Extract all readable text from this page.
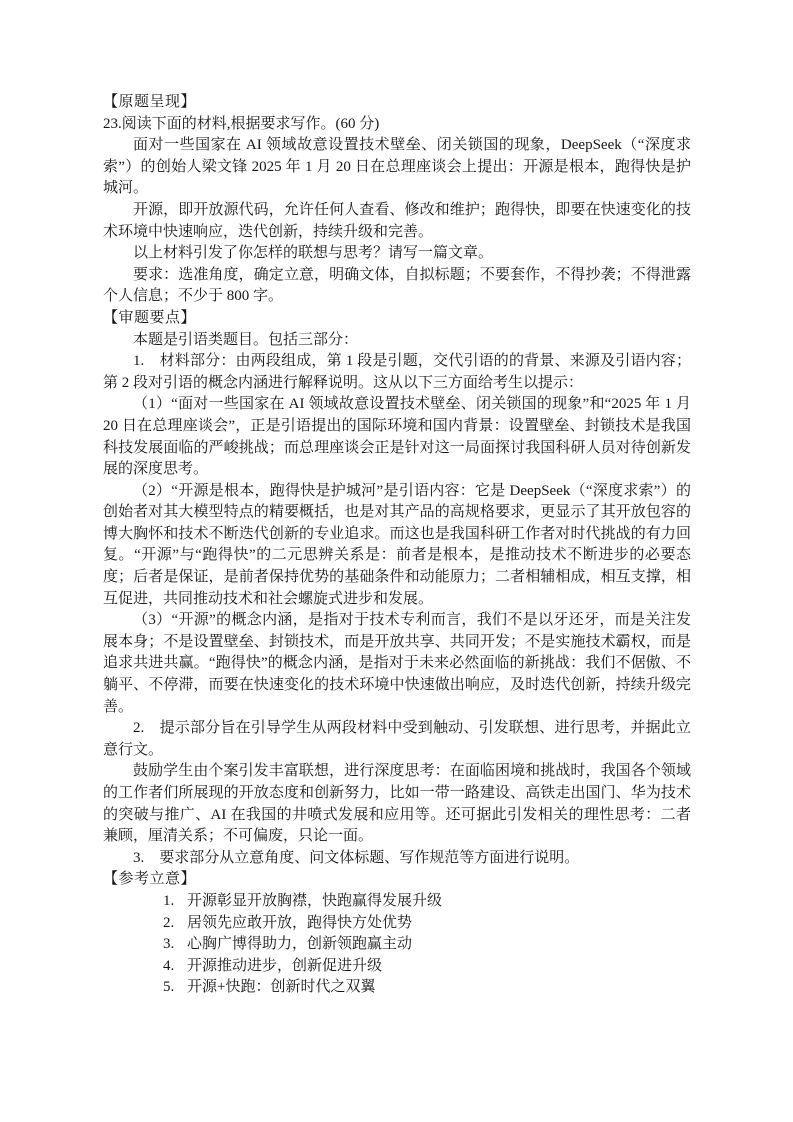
【原题呈现】

23.阅读下面的材料,根据要求写作。(60 分)

面对一些国家在 AI 领域故意设置技术壁垒、闭关锁国的现象，DeepSeek（“深度求索”）的创始人梁文锋 2025 年 1 月 20 日在总理座谈会上提出：开源是根本，跑得快是护城河。

开源，即开放源代码，允许任何人查看、修改和维护；跑得快，即要在快速变化的技术环境中快速响应，迭代创新，持续升级和完善。

以上材料引发了你怎样的联想与思考？请写一篇文章。

要求：选准角度，确定立意，明确文体，自拟标题；不要套作，不得抄袭；不得泄露个人信息；不少于 800 字。

【审题要点】

本题是引语类题目。包括三部分：

1.　材料部分：由两段组成，第 1 段是引题，交代引语的的背景、来源及引语内容；第 2 段对引语的概念内涵进行解释说明。这从以下三方面给考生以提示：

（1）“面对一些国家在 AI 领域故意设置技术壁垒、闭关锁国的现象”和“2025 年 1 月 20 日在总理座谈会”，正是引语提出的国际环境和国内背景：设置壁垒、封锁技术是我国科技发展面临的严峻挑战；而总理座谈会正是针对这一局面探讨我国科研人员对待创新发展的深度思考。

（2）“开源是根本，跑得快是护城河”是引语内容：它是 DeepSeek（“深度求索”）的创始者对其大模型特点的精要概括，也是对其产品的高规格要求，更显示了其开放包容的博大胸怀和技术不断迭代创新的专业追求。而这也是我国科研工作者对时代挑战的有力回复。“开源”与“跑得快”的二元思辨关系是：前者是根本，是推动技术不断进步的必要态度；后者是保证，是前者保持优势的基础条件和动能原力；二者相辅相成，相互支撑，相互促进，共同推动技术和社会螺旋式进步和发展。

（3）“开源”的概念内涵，是指对于技术专利而言，我们不是以牙还牙，而是关注发展本身；不是设置壁垒、封锁技术，而是开放共享、共同开发；不是实施技术霸权，而是追求共进共赢。“跑得快”的概念内涵，是指对于未来必然面临的新挑战：我们不倨傲、不躺平、不停滞，而要在快速变化的技术环境中快速做出响应，及时迭代创新，持续升级完善。

2.　提示部分旨在引导学生从两段材料中受到触动、引发联想、进行思考，并据此立意行文。

鼓励学生由个案引发丰富联想，进行深度思考：在面临困境和挑战时，我国各个领域的工作者们所展现的开放态度和创新努力，比如一带一路建设、高铁走出国门、华为技术的突破与推广、AI 在我国的井喷式发展和应用等。还可据此引发相关的理性思考：二者兼顾，厘清关系；不可偏废，只论一面。

3.　要求部分从立意角度、问文体标题、写作规范等方面进行说明。

【参考立意】

1. 开源彰显开放胸襟，快跑赢得发展升级

2. 居领先应敢开放，跑得快方处优势

3. 心胸广博得助力，创新领跑赢主动

4. 开源推动进步，创新促进升级

5. 开源+快跑：创新时代之双翼
